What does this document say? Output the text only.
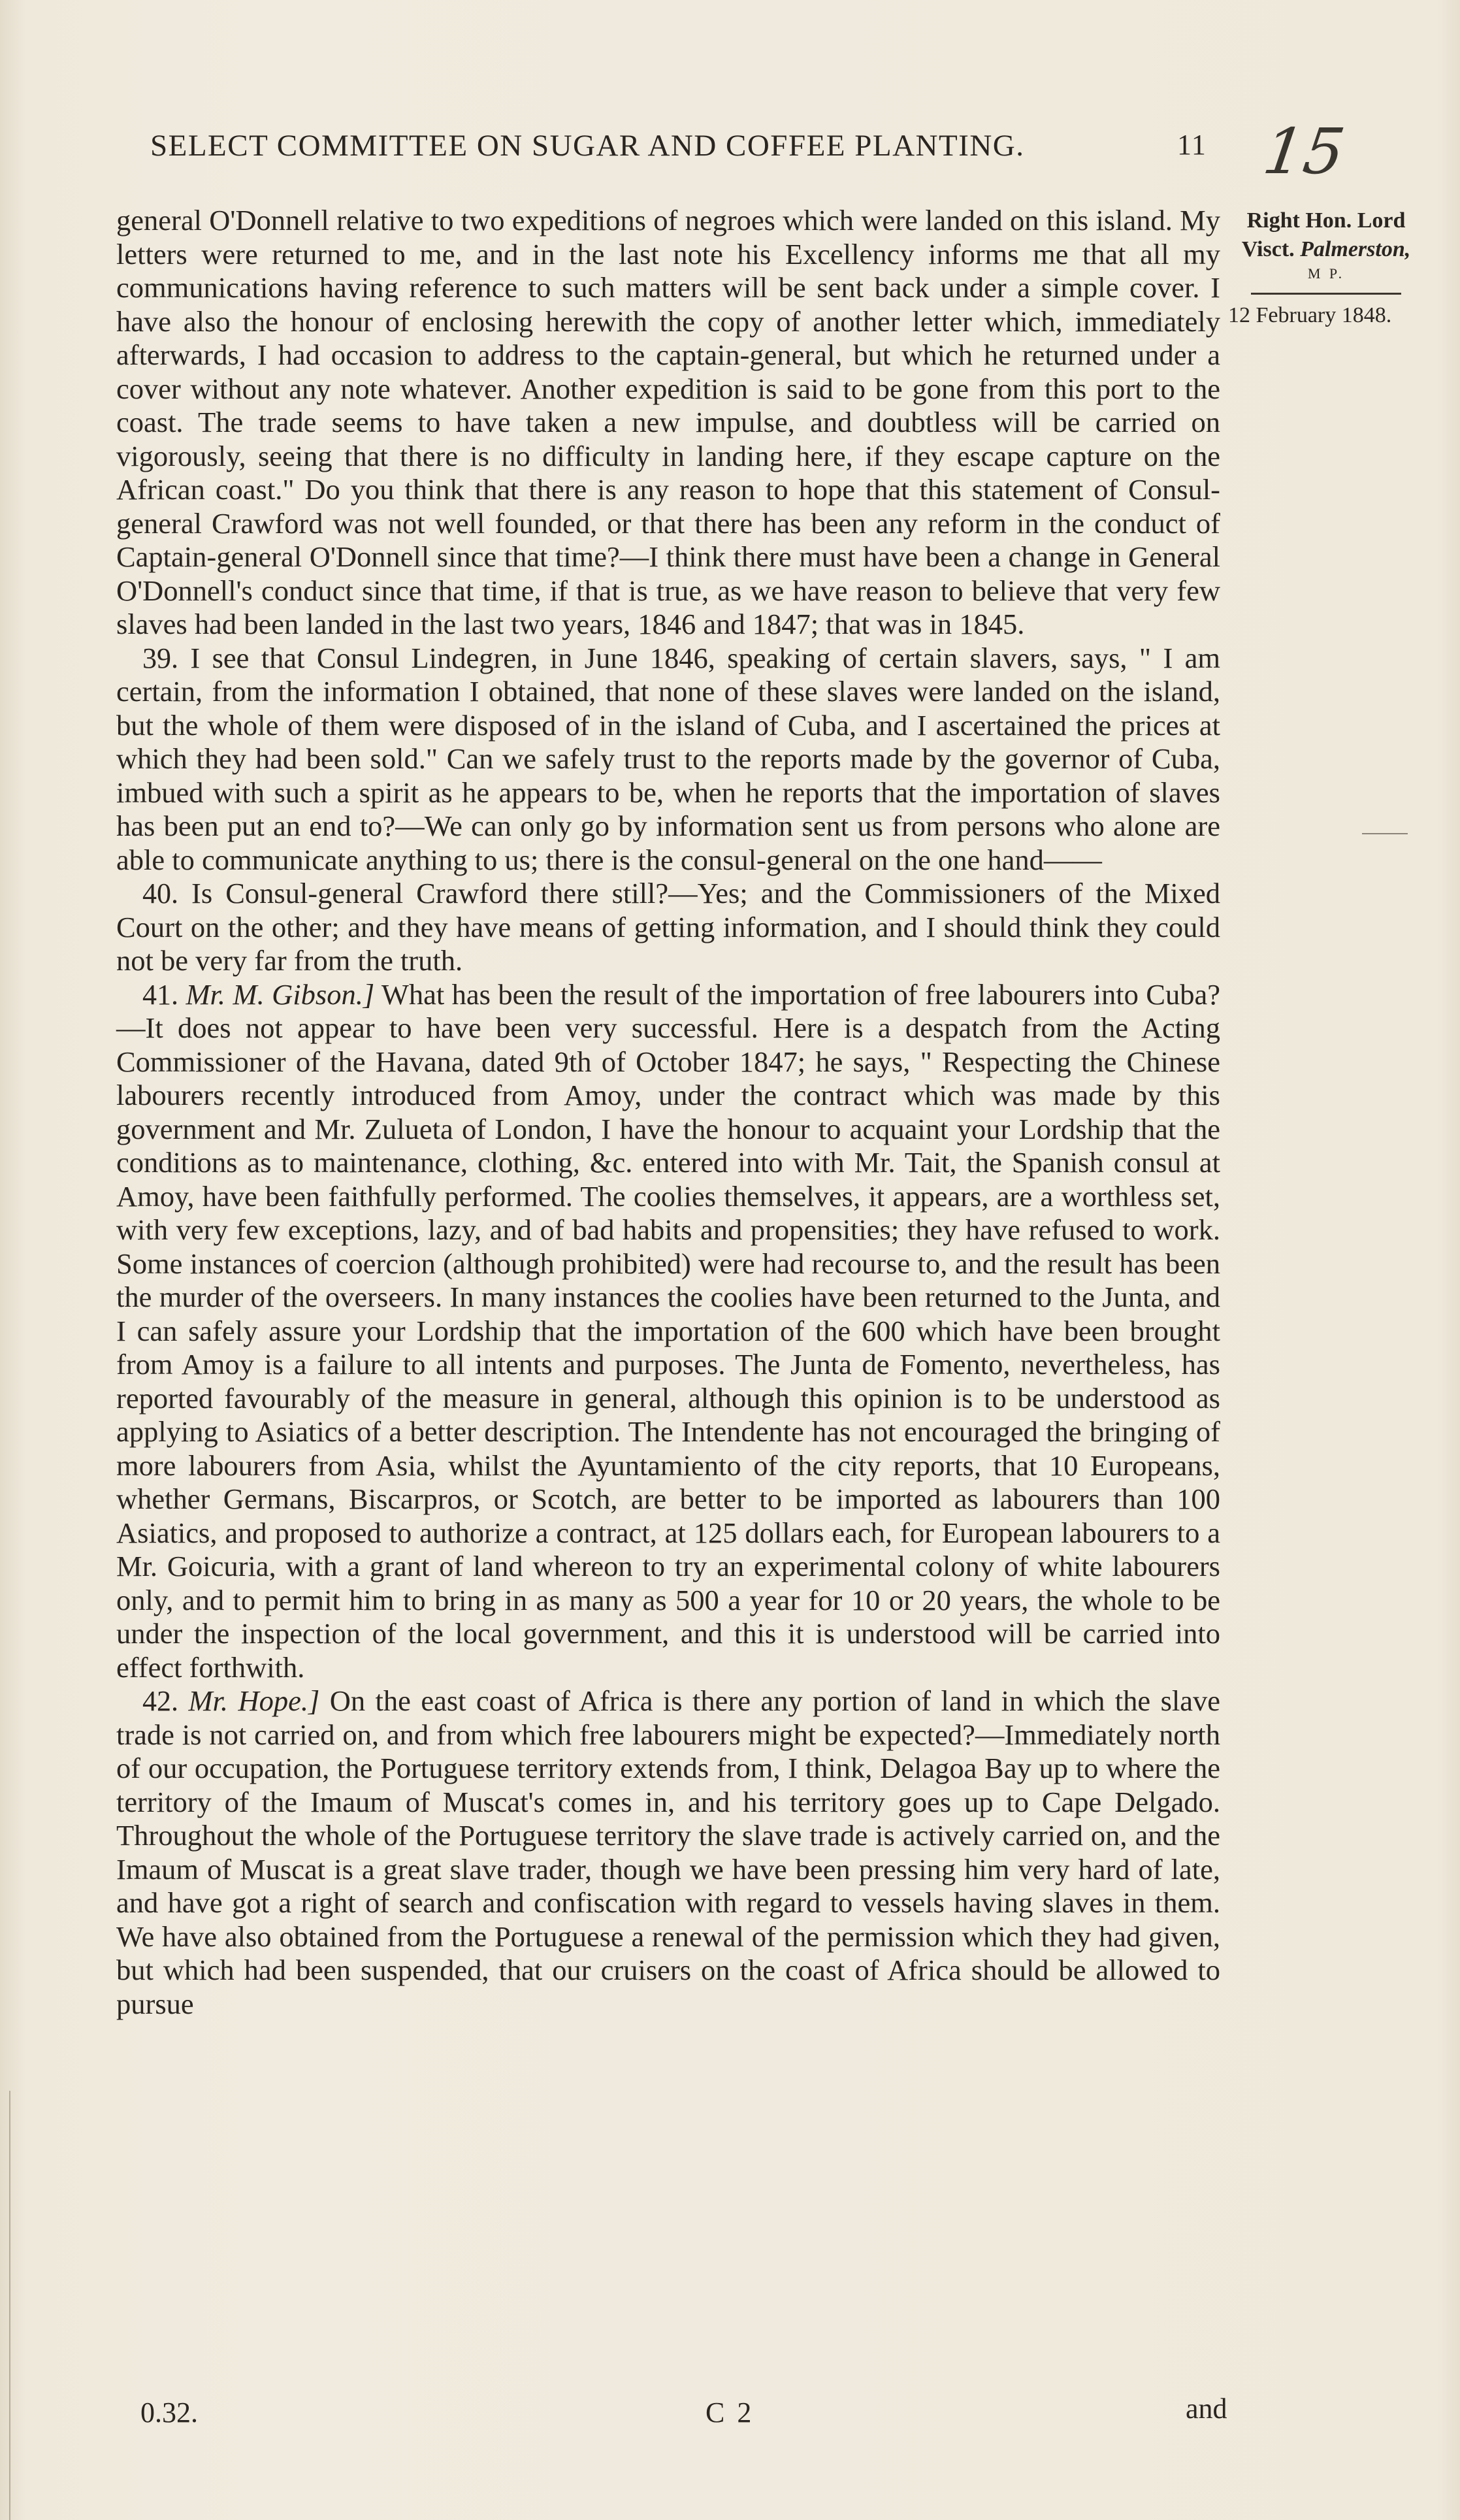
SELECT COMMITTEE ON SUGAR AND COFFEE PLANTING.	11 15
Right Hon. Lord
Visct. Palmerston,
M P.
12 February 1848.

general O'Donnell relative to two expeditions of negroes which were landed on this island. My letters were returned to me, and in the last note his Excellency informs me that all my communications having reference to such matters will be sent back under a simple cover. I have also the honour of enclosing herewith the copy of another letter which, immediately afterwards, I had occasion to address to the captain-general, but which he returned under a cover without any note whatever. Another expedition is said to be gone from this port to the coast. The trade seems to have taken a new impulse, and doubtless will be carried on vigorously, seeing that there is no difficulty in landing here, if they escape capture on the African coast." Do you think that there is any reason to hope that this statement of Consul-general Crawford was not well founded, or that there has been any reform in the conduct of Captain-general O'Donnell since that time?—I think there must have been a change in General O'Donnell's conduct since that time, if that is true, as we have reason to believe that very few slaves had been landed in the last two years, 1846 and 1847; that was in 1845.

39. I see that Consul Lindegren, in June 1846, speaking of certain slavers, says, " I am certain, from the information I obtained, that none of these slaves were landed on the island, but the whole of them were disposed of in the island of Cuba, and I ascertained the prices at which they had been sold." Can we safely trust to the reports made by the governor of Cuba, imbued with such a spirit as he appears to be, when he reports that the importation of slaves has been put an end to?—We can only go by information sent us from persons who alone are able to communicate anything to us; there is the consul-general on the one hand——

40. Is Consul-general Crawford there still?—Yes; and the Commissioners of the Mixed Court on the other; and they have means of getting information, and I should think they could not be very far from the truth.

41. Mr. M. Gibson.] What has been the result of the importation of free labourers into Cuba?—It does not appear to have been very successful. Here is a despatch from the Acting Commissioner of the Havana, dated 9th of October 1847; he says, " Respecting the Chinese labourers recently introduced from Amoy, under the contract which was made by this government and Mr. Zulueta of London, I have the honour to acquaint your Lordship that the conditions as to maintenance, clothing, &c. entered into with Mr. Tait, the Spanish consul at Amoy, have been faithfully performed. The coolies themselves, it appears, are a worthless set, with very few exceptions, lazy, and of bad habits and propensities; they have refused to work. Some instances of coercion (although prohibited) were had recourse to, and the result has been the murder of the overseers. In many instances the coolies have been returned to the Junta, and I can safely assure your Lordship that the importation of the 600 which have been brought from Amoy is a failure to all intents and purposes. The Junta de Fomento, nevertheless, has reported favourably of the measure in general, although this opinion is to be understood as applying to Asiatics of a better description. The Intendente has not encouraged the bringing of more labourers from Asia, whilst the Ayuntamiento of the city reports, that 10 Europeans, whether Germans, Biscarpros, or Scotch, are better to be imported as labourers than 100 Asiatics, and proposed to authorize a contract, at 125 dollars each, for European labourers to a Mr. Goicuria, with a grant of land whereon to try an experimental colony of white labourers only, and to permit him to bring in as many as 500 a year for 10 or 20 years, the whole to be under the inspection of the local government, and this it is understood will be carried into effect forthwith.

42. Mr. Hope.] On the east coast of Africa is there any portion of land in which the slave trade is not carried on, and from which free labourers might be expected?—Immediately north of our occupation, the Portuguese territory extends from, I think, Delagoa Bay up to where the territory of the Imaum of Muscat's comes in, and his territory goes up to Cape Delgado. Throughout the whole of the Portuguese territory the slave trade is actively carried on, and the Imaum of Muscat is a great slave trader, though we have been pressing him very hard of late, and have got a right of search and confiscation with regard to vessels having slaves in them. We have also obtained from the Portuguese a renewal of the permission which they had given, but which had been suspended, that our cruisers on the coast of Africa should be allowed to pursue

0.32.	C 2	and
